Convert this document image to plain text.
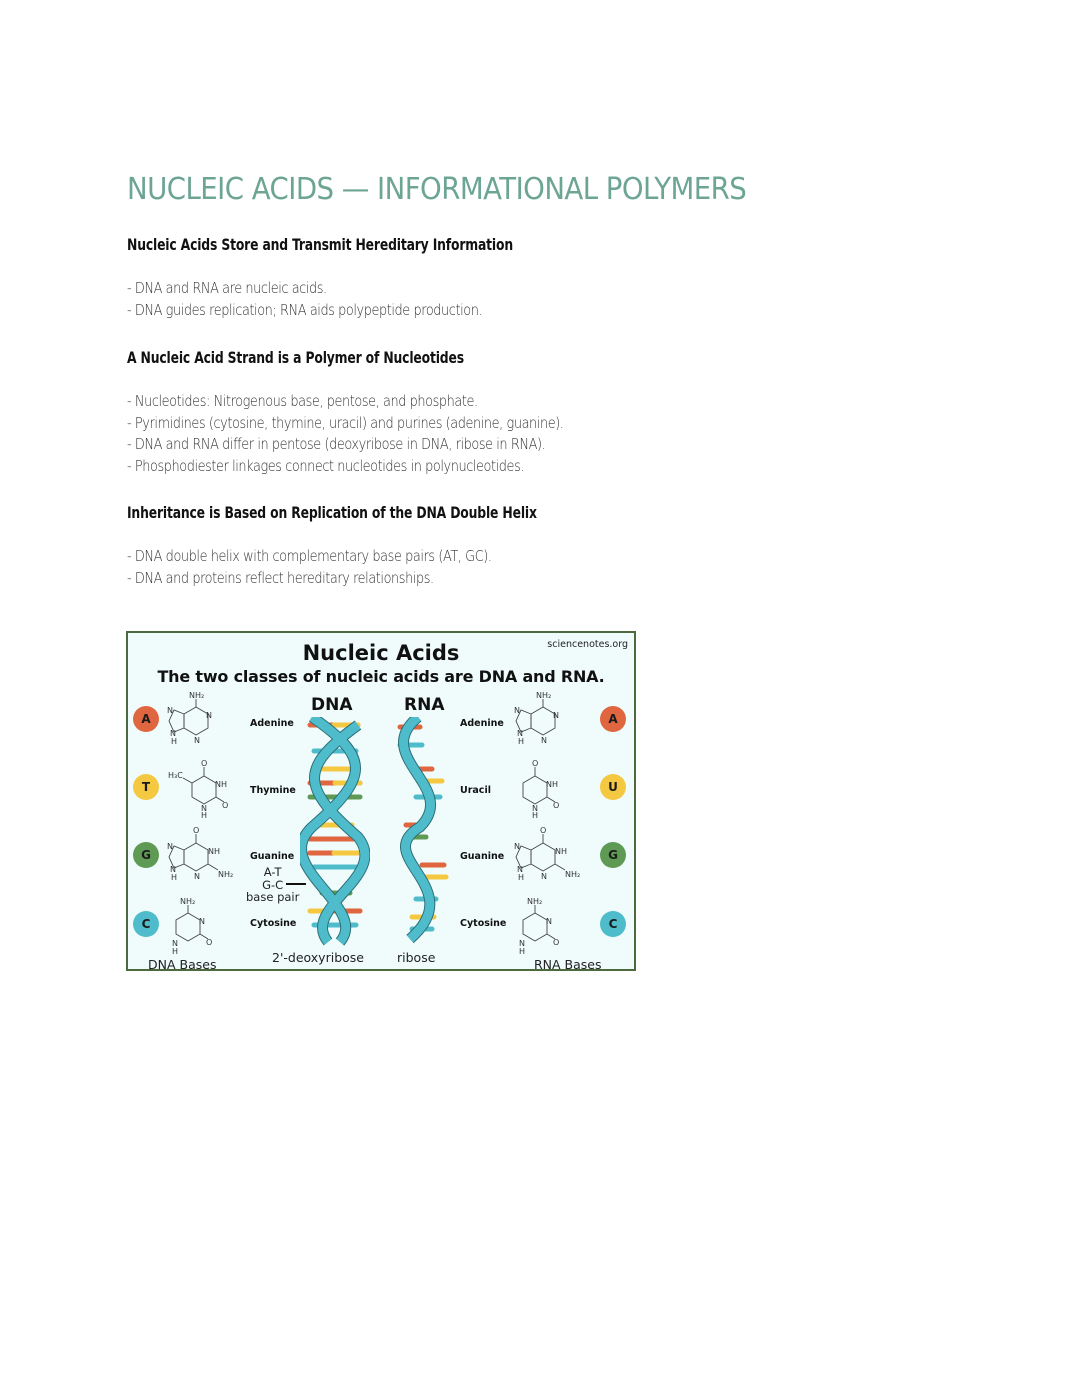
NUCLEIC ACIDS — INFORMATIONAL POLYMERS
Nucleic Acids Store and Transmit Hereditary Information
- DNA and RNA are nucleic acids.
- DNA guides replication; RNA aids polypeptide production.
A Nucleic Acid Strand is a Polymer of Nucleotides
- Nucleotides: Nitrogenous base, pentose, and phosphate.
- Pyrimidines (cytosine, thymine, uracil) and purines (adenine, guanine).
- DNA and RNA differ in pentose (deoxyribose in DNA, ribose in RNA).
- Phosphodiester linkages connect nucleotides in polynucleotides.
Inheritance is Based on Replication of the DNA Double Helix
- DNA double helix with complementary base pairs (AT, GC).
- DNA and proteins reflect hereditary relationships.
sciencenotes.org
Nucleic Acids
The two classes of nucleic acids are DNA and RNA.
DNA	RNA
A
T
G
C
A
U
G
C
Adenine
Thymine
Guanine
Cytosine
Adenine
Uracil
Guanine
Cytosine
NH₂
N
N
N
H N
O
NH
H₃C
O
N
H
O
NH
N
N
H N NH₂
NH₂
N
O
N
H
NH₂
N
N
N
H N
O
NH
O
N
H
O
NH
N
N
H N NH₂
NH₂
N
O
N
H
A-T
G-C
base pair
DNA Bases	2'-deoxyribose	ribose	RNA Bases
